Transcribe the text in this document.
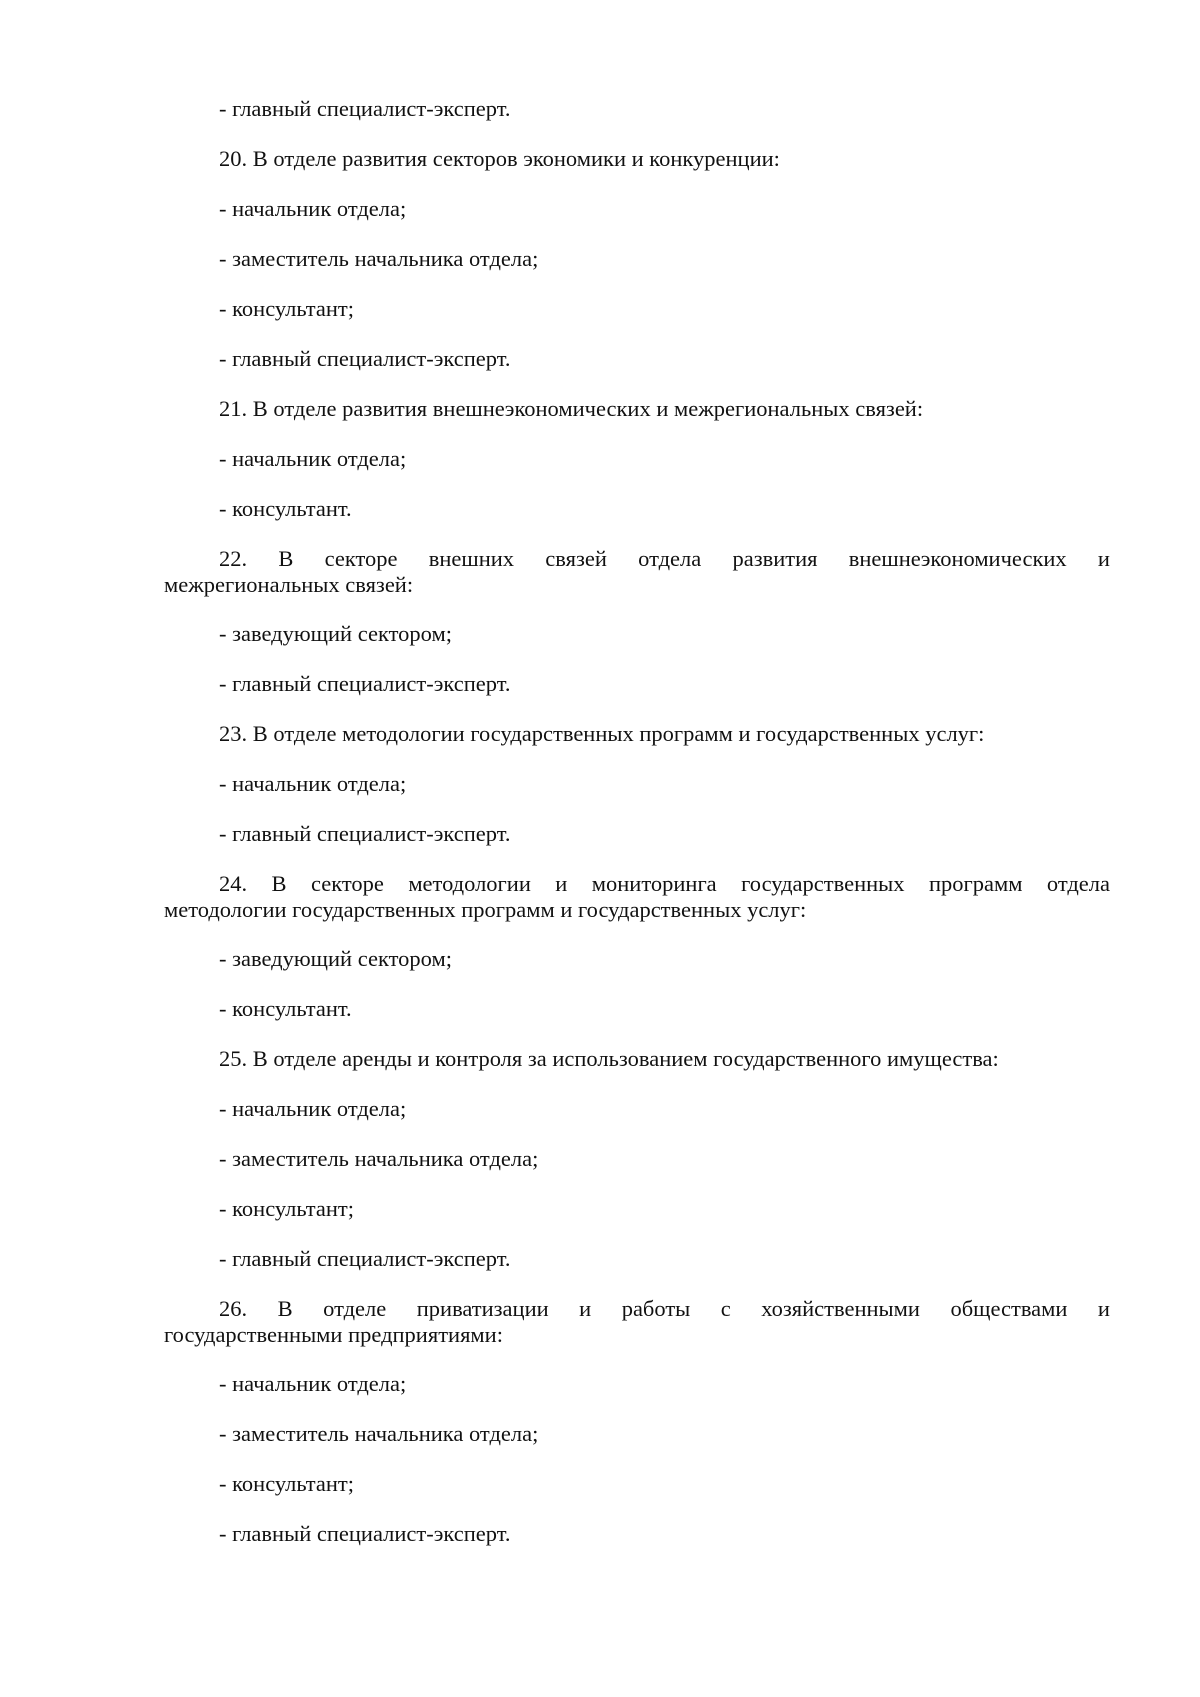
- главный специалист-эксперт.
20. В отделе развития секторов экономики и конкуренции:
- начальник отдела;
- заместитель начальника отдела;
- консультант;
- главный специалист-эксперт.
21. В отделе развития внешнеэкономических и межрегиональных связей:
- начальник отдела;
- консультант.
22. В секторе внешних связей отдела развития внешнеэкономических и
межрегиональных связей:
- заведующий сектором;
- главный специалист-эксперт.
23. В отделе методологии государственных программ и государственных услуг:
- начальник отдела;
- главный специалист-эксперт.
24. В секторе методологии и мониторинга государственных программ отдела
методологии государственных программ и государственных услуг:
- заведующий сектором;
- консультант.
25. В отделе аренды и контроля за использованием государственного имущества:
- начальник отдела;
- заместитель начальника отдела;
- консультант;
- главный специалист-эксперт.
26. В отделе приватизации и работы с хозяйственными обществами и
государственными предприятиями:
- начальник отдела;
- заместитель начальника отдела;
- консультант;
- главный специалист-эксперт.
